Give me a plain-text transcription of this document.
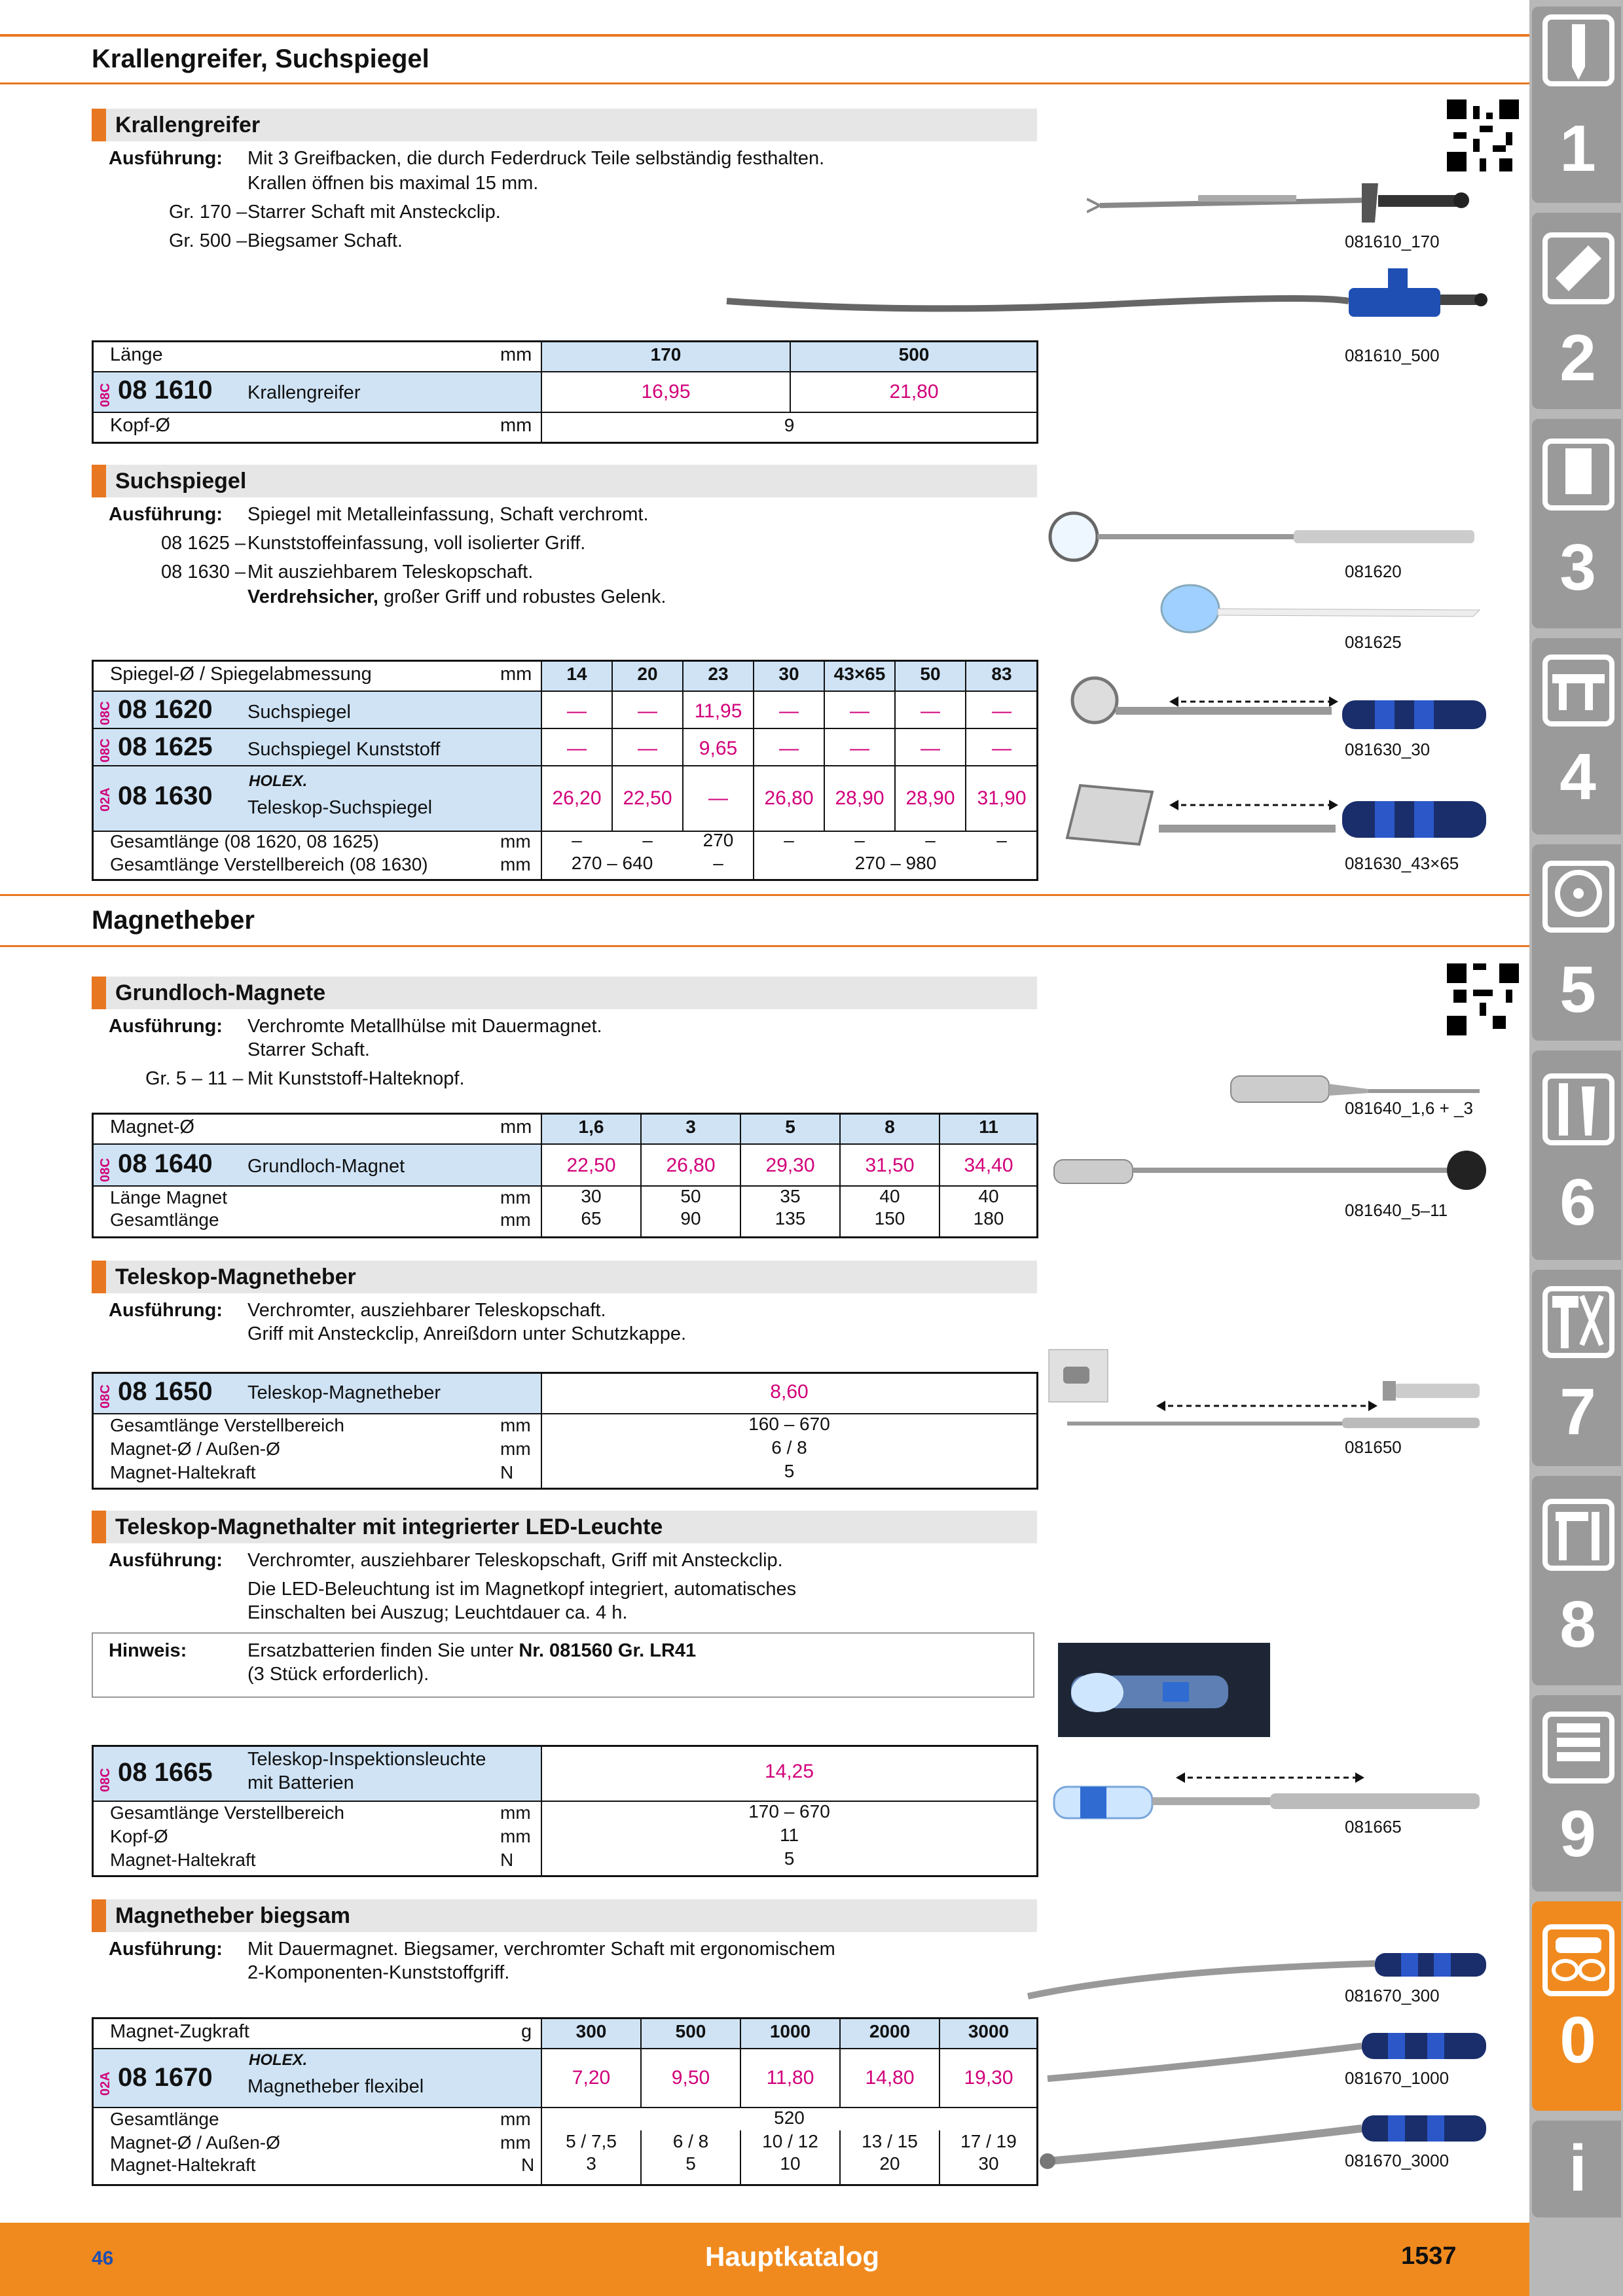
Krallengreifer, Suchspiegel
Krallengreifer
Ausführung: Mit 3 Greifbacken, die durch Federdruck Teile selbständig festhalten.
Krallen öffnen bis maximal 15 mm.
Gr. 170 – Starrer Schaft mit Ansteckclip.
Gr. 500 – Biegsamer Schaft.
Länge	mm	170	500
08C 08 1610 Krallengreifer	16,95	21,80
Kopf-Ø	mm	9
081610_170
081610_500
Suchspiegel
Ausführung: Spiegel mit Metalleinfassung, Schaft verchromt.
08 1625 – Kunststoffeinfassung, voll isolierter Griff.
08 1630 – Mit ausziehbarem Teleskopschaft.
Verdrehsicher, großer Griff und robustes Gelenk.
Spiegel-Ø / Spiegelabmessung	mm	14	20	23	30	43×65	50	83
08C 08 1620 Suchspiegel	—	—	11,95	—	—	—	—
08C 08 1625 Suchspiegel Kunststoff	—	—	9,65	—	—	—	—
02A 08 1630
HOLEX.
Teleskop-Suchspiegel	26,20	22,50	—	26,80	28,90	28,90	31,90
Gesamtlänge (08 1620, 08 1625)	mm	–	–	270	–	–	–	–
Gesamtlänge Verstellbereich (08 1630)	mm	270 – 640	–	270 – 980
081620
081625
081630_30
081630_43×65
Magnetheber
Grundloch-Magnete
Ausführung: Verchromte Metallhülse mit Dauermagnet.
Starrer Schaft.
Gr. 5 – 11 – Mit Kunststoff-Halteknopf.
Magnet-Ø	mm	1,6	3	5	8	11
08C 08 1640 Grundloch-Magnet	22,50	26,80	29,30	31,50	34,40
Länge Magnet	mm	30	50	35	40	40
Gesamtlänge	mm	65	90	135	150	180
081640_1,6 + _3
081640_5–11
Teleskop-Magnetheber
Ausführung: Verchromter, ausziehbarer Teleskopschaft.
Griff mit Ansteckclip, Anreißdorn unter Schutzkappe.
08C 08 1650 Teleskop-Magnetheber	8,60
Gesamtlänge Verstellbereich	mm	160 – 670
Magnet-Ø / Außen-Ø	mm	6 / 8
Magnet-Haltekraft	N	5
081650
Teleskop-Magnethalter mit integrierter LED-Leuchte
Ausführung: Verchromter, ausziehbarer Teleskopschaft, Griff mit Ansteckclip.
Die LED-Beleuchtung ist im Magnetkopf integriert, automatisches
Einschalten bei Auszug; Leuchtdauer ca. 4 h.
Hinweis:	Ersatzbatterien finden Sie unter Nr. 081560 Gr. LR41
(3 Stück erforderlich).
08C 08 1665 Teleskop-Inspektionsleuchte
mit Batterien
14,25
Gesamtlänge Verstellbereich	mm	170 – 670
Kopf-Ø	mm	11
Magnet-Haltekraft	N	5
081665
Magnetheber biegsam
Ausführung: Mit Dauermagnet. Biegsamer, verchromter Schaft mit ergonomischem
2-Komponenten-Kunststoffgriff.
Magnet-Zugkraft	g	300	500	1000	2000	3000
02A 08 1670
HOLEX.
Magnetheber flexibel	7,20	9,50	11,80	14,80	19,30
Gesamtlänge	mm	520
Magnet-Ø / Außen-Ø	mm	5 / 7,5	6 / 8	10 / 12	13 / 15	17 / 19
Magnet-Haltekraft	N	3	5	10	20	30
081670_300
081670_1000
081670_3000
46	Hauptkatalog	1537
1
2
3
4
5
6
7
8
9
0
i
